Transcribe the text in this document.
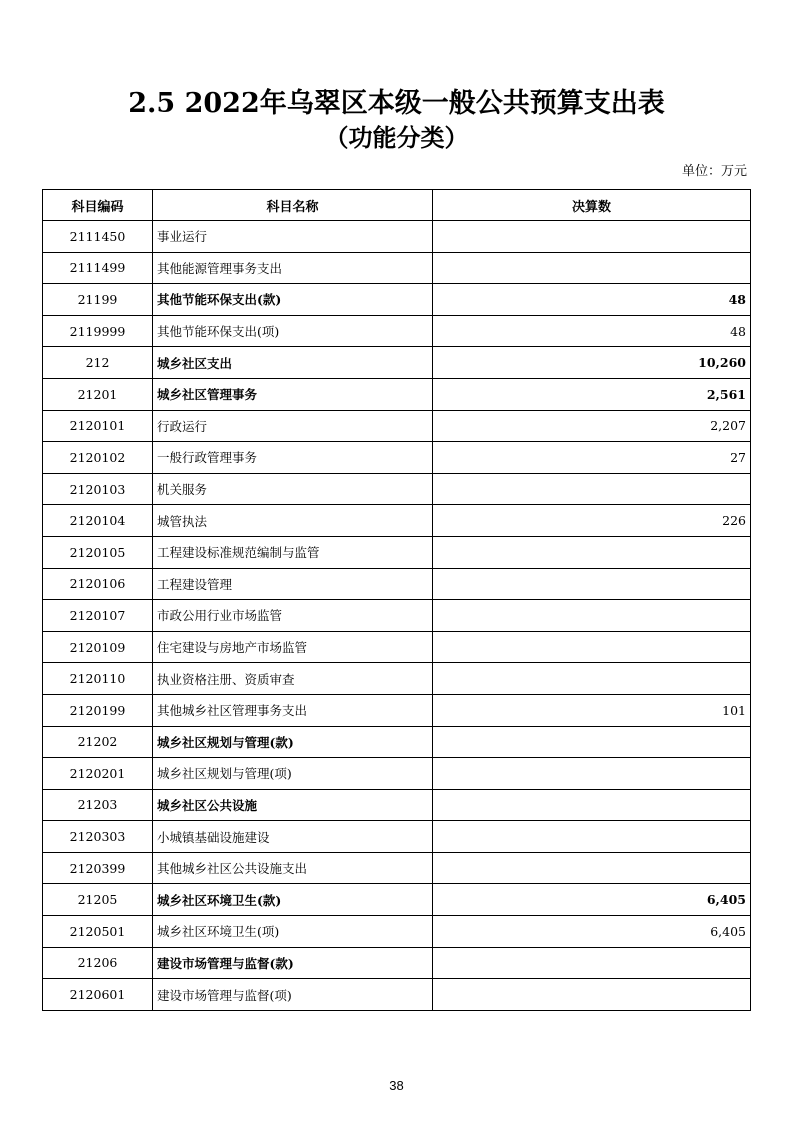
2.5 2022年乌翠区本级一般公共预算支出表
（功能分类）
单位：万元
科目编码	科目名称	决算数
2111450	事业运行	
2111499	其他能源管理事务支出	
21199	其他节能环保支出(款)	48
2119999	其他节能环保支出(项)	48
212	城乡社区支出	10,260
21201	城乡社区管理事务	2,561
2120101	行政运行	2,207
2120102	一般行政管理事务	27
2120103	机关服务	
2120104	城管执法	226
2120105	工程建设标准规范编制与监管	
2120106	工程建设管理	
2120107	市政公用行业市场监管	
2120109	住宅建设与房地产市场监管	
2120110	执业资格注册、资质审查	
2120199	其他城乡社区管理事务支出	101
21202	城乡社区规划与管理(款)	
2120201	城乡社区规划与管理(项)	
21203	城乡社区公共设施	
2120303	小城镇基础设施建设	
2120399	其他城乡社区公共设施支出	
21205	城乡社区环境卫生(款)	6,405
2120501	城乡社区环境卫生(项)	6,405
21206	建设市场管理与监督(款)	
2120601	建设市场管理与监督(项)	
38
